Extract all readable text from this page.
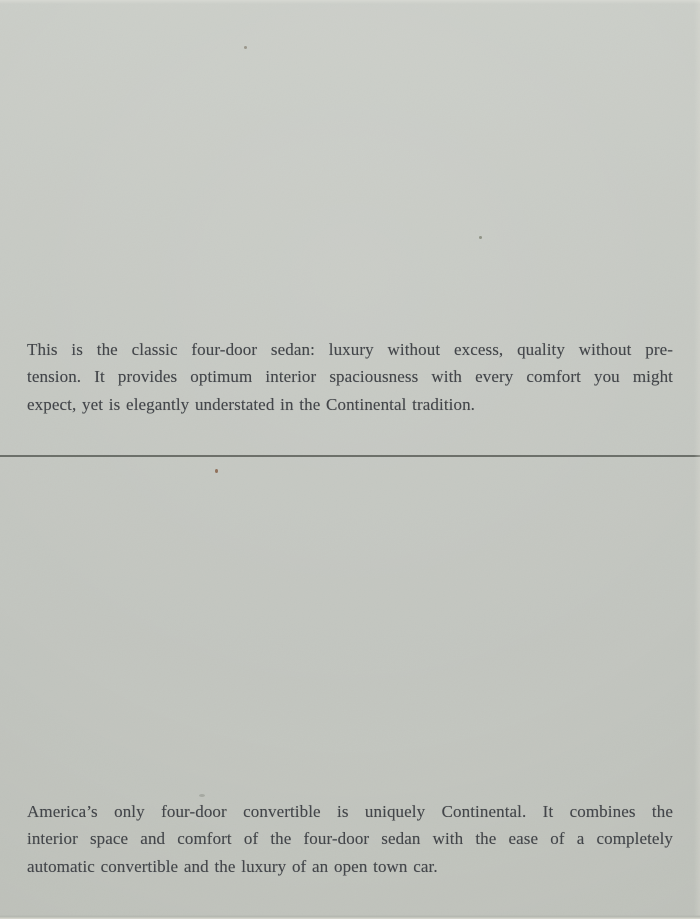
This is the classic four-door sedan: luxury without excess, quality without pre-
tension. It provides optimum interior spaciousness with every comfort you might
expect, yet is elegantly understated in the Continental tradition.
America’s only four-door convertible is uniquely Continental. It combines the
interior space and comfort of the four-door sedan with the ease of a completely
automatic convertible and the luxury of an open town car.
